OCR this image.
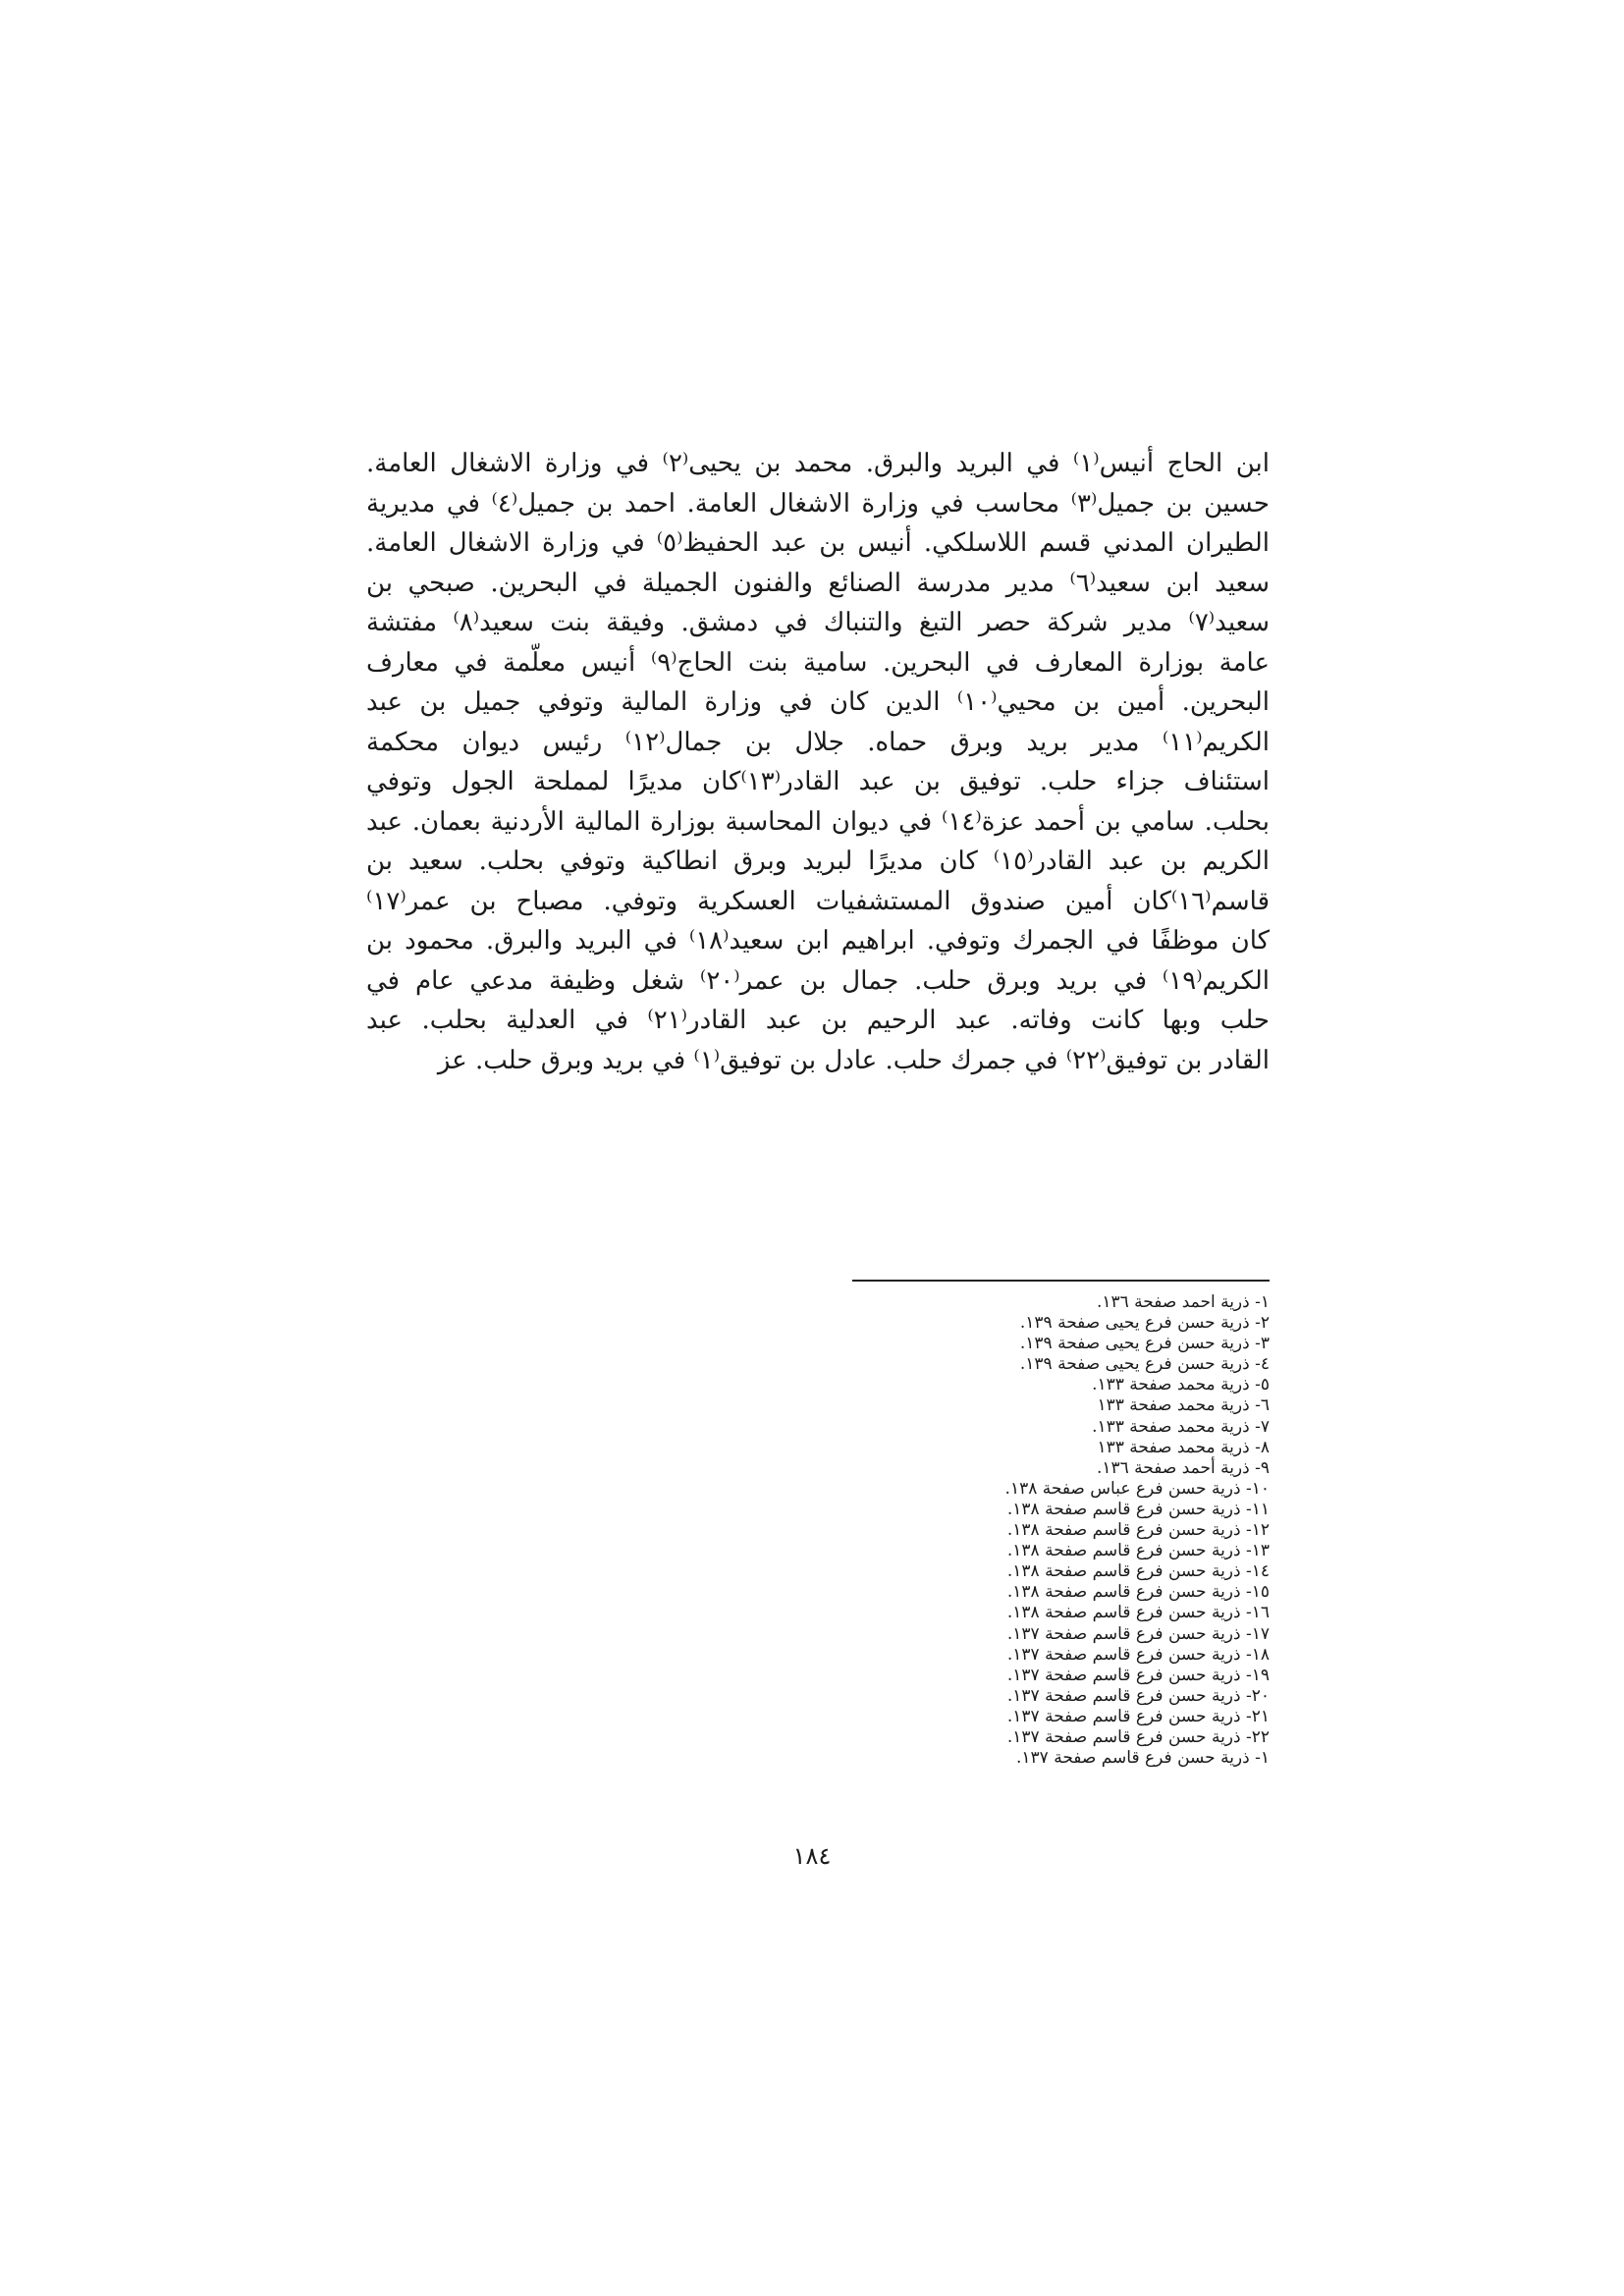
ابن الحاج أنيس⁽١⁾ في البريد والبرق. محمد بن يحيى⁽٢⁾ في وزارة الاشغال العامة.
حسين بن جميل⁽٣⁾ محاسب في وزارة الاشغال العامة. احمد بن جميل⁽٤⁾ في مديرية
الطيران المدني قسم اللاسلكي. أنيس بن عبد الحفيظ⁽٥⁾ في وزارة الاشغال العامة.
سعيد ابن سعيد⁽٦⁾ مدير مدرسة الصنائع والفنون الجميلة في البحرين. صبحي بن
سعيد⁽٧⁾ مدير شركة حصر التبغ والتنباك في دمشق. وفيقة بنت سعيد⁽٨⁾ مفتشة
عامة بوزارة المعارف في البحرين. سامية بنت الحاج⁽٩⁾ أنيس معلّمة في معارف
البحرين. أمين بن محيي⁽١٠⁾ الدين كان في وزارة المالية وتوفي جميل بن عبد
الكريم⁽١١⁾ مدير بريد وبرق حماه. جلال بن جمال⁽١٢⁾ رئيس ديوان محكمة
استئناف جزاء حلب. توفيق بن عبد القادر⁽١٣⁾كان مديرًا لمملحة الجول وتوفي
بحلب. سامي بن أحمد عزة⁽١٤⁾ في ديوان المحاسبة بوزارة المالية الأردنية بعمان. عبد
الكريم بن عبد القادر⁽١٥⁾ كان مديرًا لبريد وبرق انطاكية وتوفي بحلب. سعيد بن
قاسم⁽١٦⁾كان أمين صندوق المستشفيات العسكرية وتوفي. مصباح بن عمر⁽١٧⁾
كان موظفًا في الجمرك وتوفي. ابراهيم ابن سعيد⁽١٨⁾ في البريد والبرق. محمود بن
الكريم⁽١٩⁾ في بريد وبرق حلب. جمال بن عمر⁽٢٠⁾ شغل وظيفة مدعي عام في
حلب وبها كانت وفاته. عبد الرحيم بن عبد القادر⁽٢١⁾ في العدلية بحلب. عبد
القادر بن توفيق⁽٢٢⁾ في جمرك حلب. عادل بن توفيق⁽١⁾ في بريد وبرق حلب. عز
١- ذرية احمد صفحة ١٣٦.
٢- ذرية حسن فرع يحيى صفحة ١٣٩.
٣- ذرية حسن فرع يحيى صفحة ١٣٩.
٤- ذرية حسن فرع يحيى صفحة ١٣٩.
٥- ذرية محمد صفحة ١٣٣.
٦- ذرية محمد صفحة ١٣٣
٧- ذرية محمد صفحة ١٣٣.
٨- ذرية محمد صفحة ١٣٣
٩- ذرية أحمد صفحة ١٣٦.
١٠- ذرية حسن فرع عباس صفحة ١٣٨.
١١- ذرية حسن فرع قاسم صفحة ١٣٨.
١٢- ذرية حسن فرع قاسم صفحة ١٣٨.
١٣- ذرية حسن فرع قاسم صفحة ١٣٨.
١٤- ذرية حسن فرع قاسم صفحة ١٣٨.
١٥- ذرية حسن فرع قاسم صفحة ١٣٨.
١٦- ذرية حسن فرع قاسم صفحة ١٣٨.
١٧- ذرية حسن فرع قاسم صفحة ١٣٧.
١٨- ذرية حسن فرع قاسم صفحة ١٣٧.
١٩- ذرية حسن فرع قاسم صفحة ١٣٧.
٢٠- ذرية حسن فرع قاسم صفحة ١٣٧.
٢١- ذرية حسن فرع قاسم صفحة ١٣٧.
٢٢- ذرية حسن فرع قاسم صفحة ١٣٧.
١- ذرية حسن فرع قاسم صفحة ١٣٧.
١٨٤
